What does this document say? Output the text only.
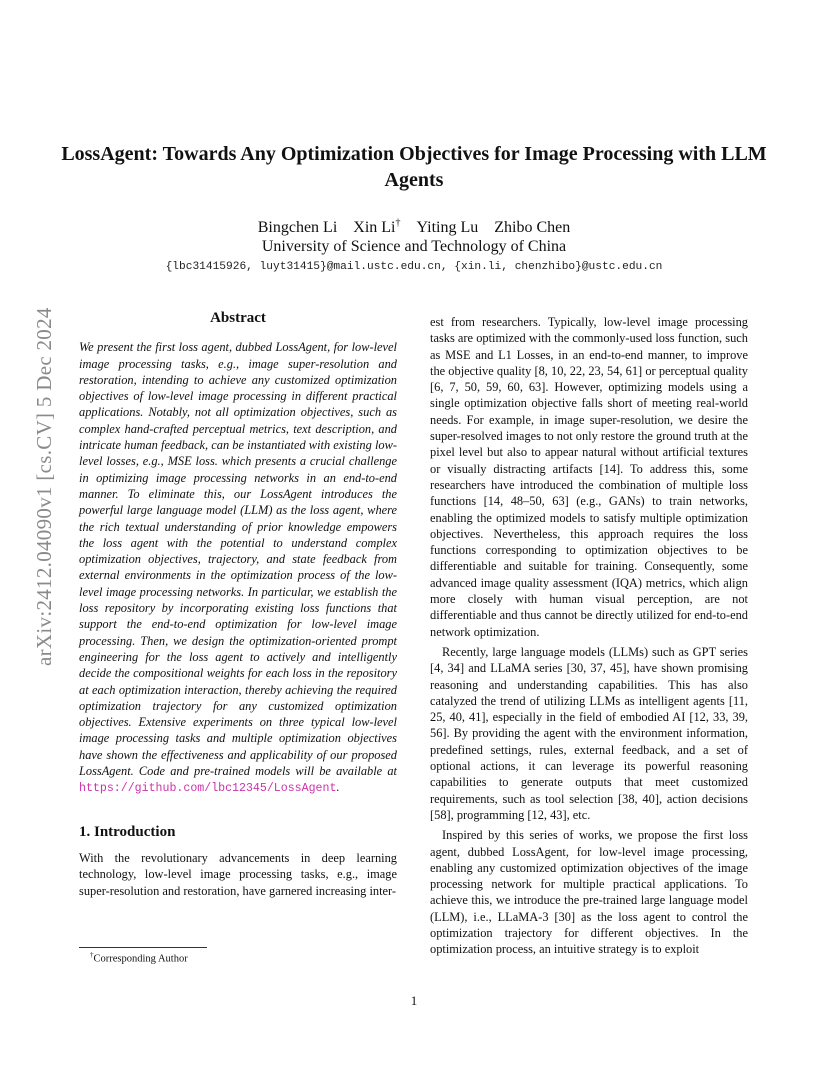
arXiv:2412.04090v1 [cs.CV] 5 Dec 2024
LossAgent: Towards Any Optimization Objectives for Image Processing with LLM Agents
Bingchen Li Xin Li† Yiting Lu Zhibo Chen
University of Science and Technology of China
{lbc31415926, luyt31415}@mail.ustc.edu.cn, {xin.li, chenzhibo}@ustc.edu.cn
Abstract

We present the first loss agent, dubbed LossAgent, for low-level image processing tasks, e.g., image super-resolution and restoration, intending to achieve any customized optimization objectives of low-level image processing in different practical applications. Notably, not all optimization objectives, such as complex hand-crafted perceptual metrics, text description, and intricate human feedback, can be instantiated with existing low-level losses, e.g., MSE loss. which presents a crucial challenge in optimizing image processing networks in an end-to-end manner. To eliminate this, our LossAgent introduces the powerful large language model (LLM) as the loss agent, where the rich textual understanding of prior knowledge empowers the loss agent with the potential to understand complex optimization objectives, trajectory, and state feedback from external environments in the optimization process of the low-level image processing networks. In particular, we establish the loss repository by incorporating existing loss functions that support the end-to-end optimization for low-level image processing. Then, we design the optimization-oriented prompt engineering for the loss agent to actively and intelligently decide the compositional weights for each loss in the repository at each optimization interaction, thereby achieving the required optimization trajectory for any customized optimization objectives. Extensive experiments on three typical low-level image processing tasks and multiple optimization objectives have shown the effectiveness and applicability of our proposed LossAgent. Code and pre-trained models will be available at https://github.com/lbc12345/LossAgent.

1. Introduction

With the revolutionary advancements in deep learning technology, low-level image processing tasks, e.g., image super-resolution and restoration, have garnered increasing inter-

est from researchers. Typically, low-level image processing tasks are optimized with the commonly-used loss function, such as MSE and L1 Losses, in an end-to-end manner, to improve the objective quality [8, 10, 22, 23, 54, 61] or perceptual quality [6, 7, 50, 59, 60, 63]. However, optimizing models using a single optimization objective falls short of meeting real-world needs. For example, in image super-resolution, we desire the super-resolved images to not only restore the ground truth at the pixel level but also to appear natural without artificial textures or visually distracting artifacts [14]. To address this, some researchers have introduced the combination of multiple loss functions [14, 48–50, 63] (e.g., GANs) to train networks, enabling the optimized models to satisfy multiple optimization objectives. Nevertheless, this approach requires the loss functions corresponding to optimization objectives to be differentiable and suitable for training. Consequently, some advanced image quality assessment (IQA) metrics, which align more closely with human visual perception, are not differentiable and thus cannot be directly utilized for end-to-end network optimization.

Recently, large language models (LLMs) such as GPT series [4, 34] and LLaMA series [30, 37, 45], have shown promising reasoning and understanding capabilities. This has also catalyzed the trend of utilizing LLMs as intelligent agents [11, 25, 40, 41], especially in the field of embodied AI [12, 33, 39, 56]. By providing the agent with the environment information, predefined settings, rules, external feedback, and a set of optional actions, it can leverage its powerful reasoning capabilities to generate outputs that meet customized requirements, such as tool selection [38, 40], action decisions [58], programming [12, 43], etc.

Inspired by this series of works, we propose the first loss agent, dubbed LossAgent, for low-level image processing, enabling any customized optimization objectives of the image processing network for multiple practical applications. To achieve this, we introduce the pre-trained large language model (LLM), i.e., LLaMA-3 [30] as the loss agent to control the optimization trajectory for different objectives. In the optimization process, an intuitive strategy is to exploit

†Corresponding Author
1
